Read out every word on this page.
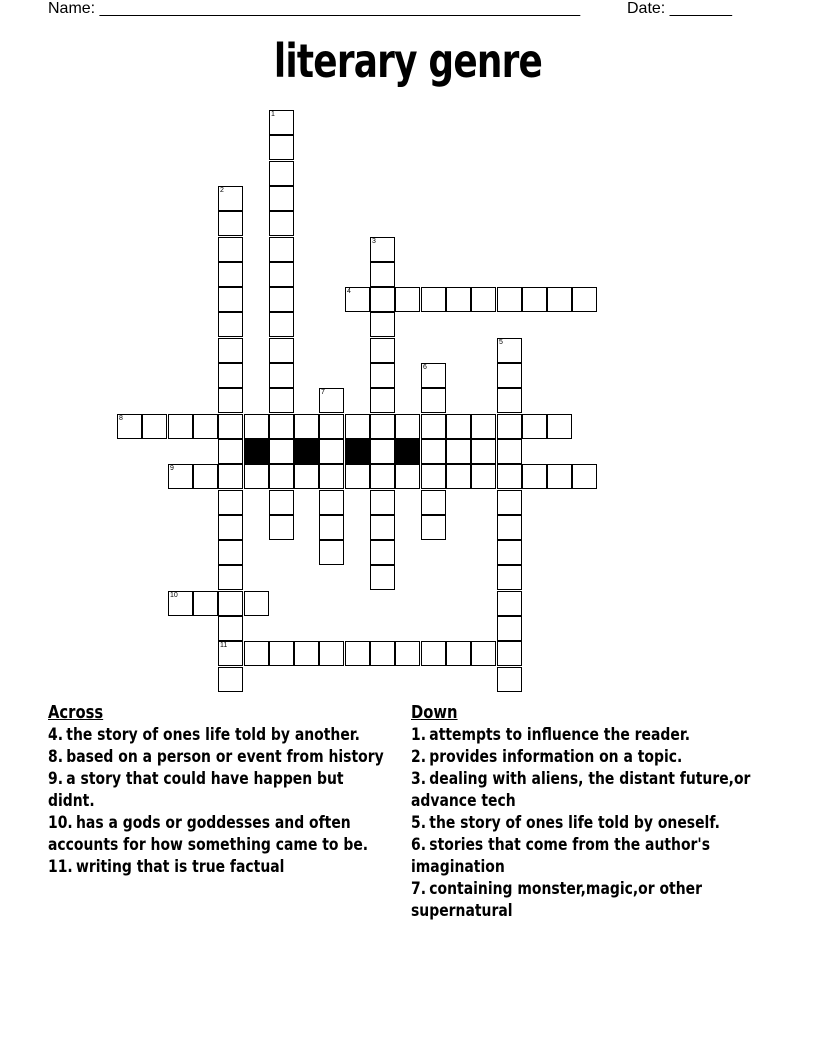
Name: ______________________________________________________	Date: _______
literary genre
1
2
11
3
5
6
7
4
8
9
10
Across
4. the story of ones life told by another.
8. based on a person or event from history
9. a story that could have happen but didnt.
10. has a gods or goddesses and often accounts for how something came to be.
11. writing that is true factual
Down
1. attempts to influence the reader.
2. provides information on a topic.
3. dealing with aliens, the distant future,or advance tech
5. the story of ones life told by oneself.
6. stories that come from the author's imagination
7. containing monster,magic,or other supernatural
